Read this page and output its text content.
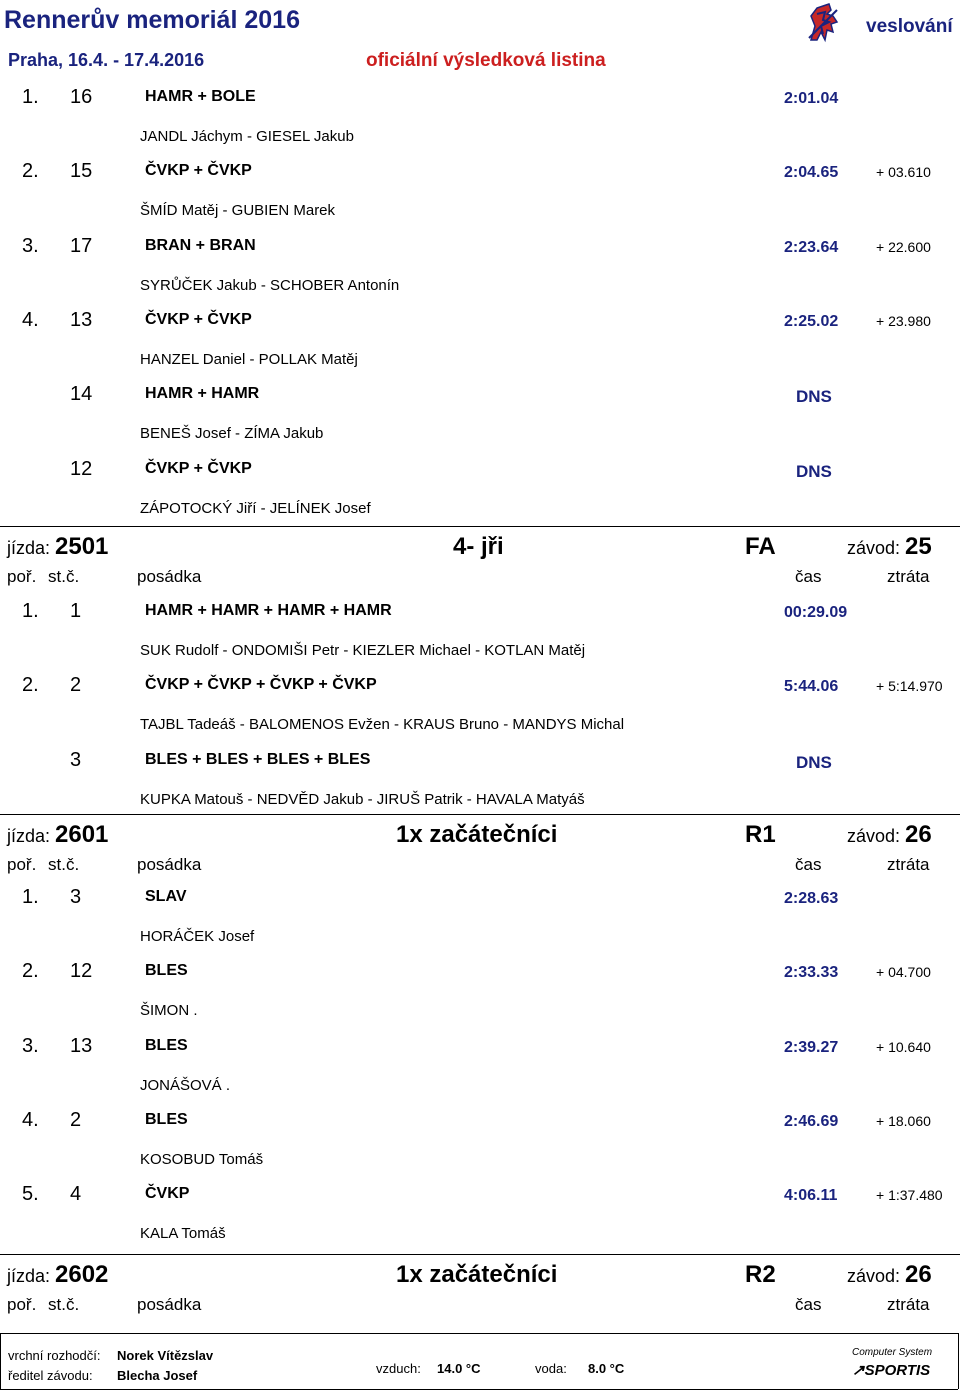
Rennerův memoriál 2016
Praha, 16.4. - 17.4.2016	oficiální výsledková listina
veslování
1. 16	HAMR + BOLE	2:01.04
JANDL Jáchym - GIESEL Jakub
2. 15	ČVKP + ČVKP	2:04.65	+ 03.610
ŠMÍD Matěj - GUBIEN Marek
3. 17	BRAN + BRAN	2:23.64	+ 22.600
SYRŮČEK Jakub - SCHOBER Antonín
4. 13	ČVKP + ČVKP	2:25.02	+ 23.980
HANZEL Daniel - POLLAK Matěj
14	HAMR + HAMR	DNS
BENEŠ Josef - ZÍMA Jakub
12	ČVKP + ČVKP	DNS
ZÁPOTOCKÝ Jiří - JELÍNEK Josef
jízda: 2501	4- jři	FA	závod: 25
poř. st.č.	posádka	čas	ztráta
1. 1	HAMR + HAMR + HAMR + HAMR	00:29.09
SUK Rudolf - ONDOMIŠI Petr - KIEZLER Michael - KOTLAN Matěj
2. 2	ČVKP + ČVKP + ČVKP + ČVKP	5:44.06	+ 5:14.970
TAJBL Tadeáš - BALOMENOS Evžen - KRAUS Bruno - MANDYS Michal
3	BLES + BLES + BLES + BLES	DNS
KUPKA Matouš - NEDVĚD Jakub - JIRUŠ Patrik - HAVALA Matyáš
jízda: 2601	1x začátečníci	R1	závod: 26
poř. st.č.	posádka	čas	ztráta
1. 3	SLAV	2:28.63
HORÁČEK Josef
2. 12	BLES	2:33.33	+ 04.700
ŠIMON .
3. 13	BLES	2:39.27	+ 10.640
JONÁŠOVÁ .
4. 2	BLES	2:46.69	+ 18.060
KOSOBUD Tomáš
5. 4	ČVKP	4:06.11	+ 1:37.480
KALA Tomáš
jízda: 2602	1x začátečníci	R2	závod: 26
poř. st.č.	posádka	čas	ztráta
vrchní rozhodčí: Norek Vítězslav
ředitel závodu: Blecha Josef	vzduch: 14.0 °C	voda: 8.0 °C
Computer System
↗SPORTIS
